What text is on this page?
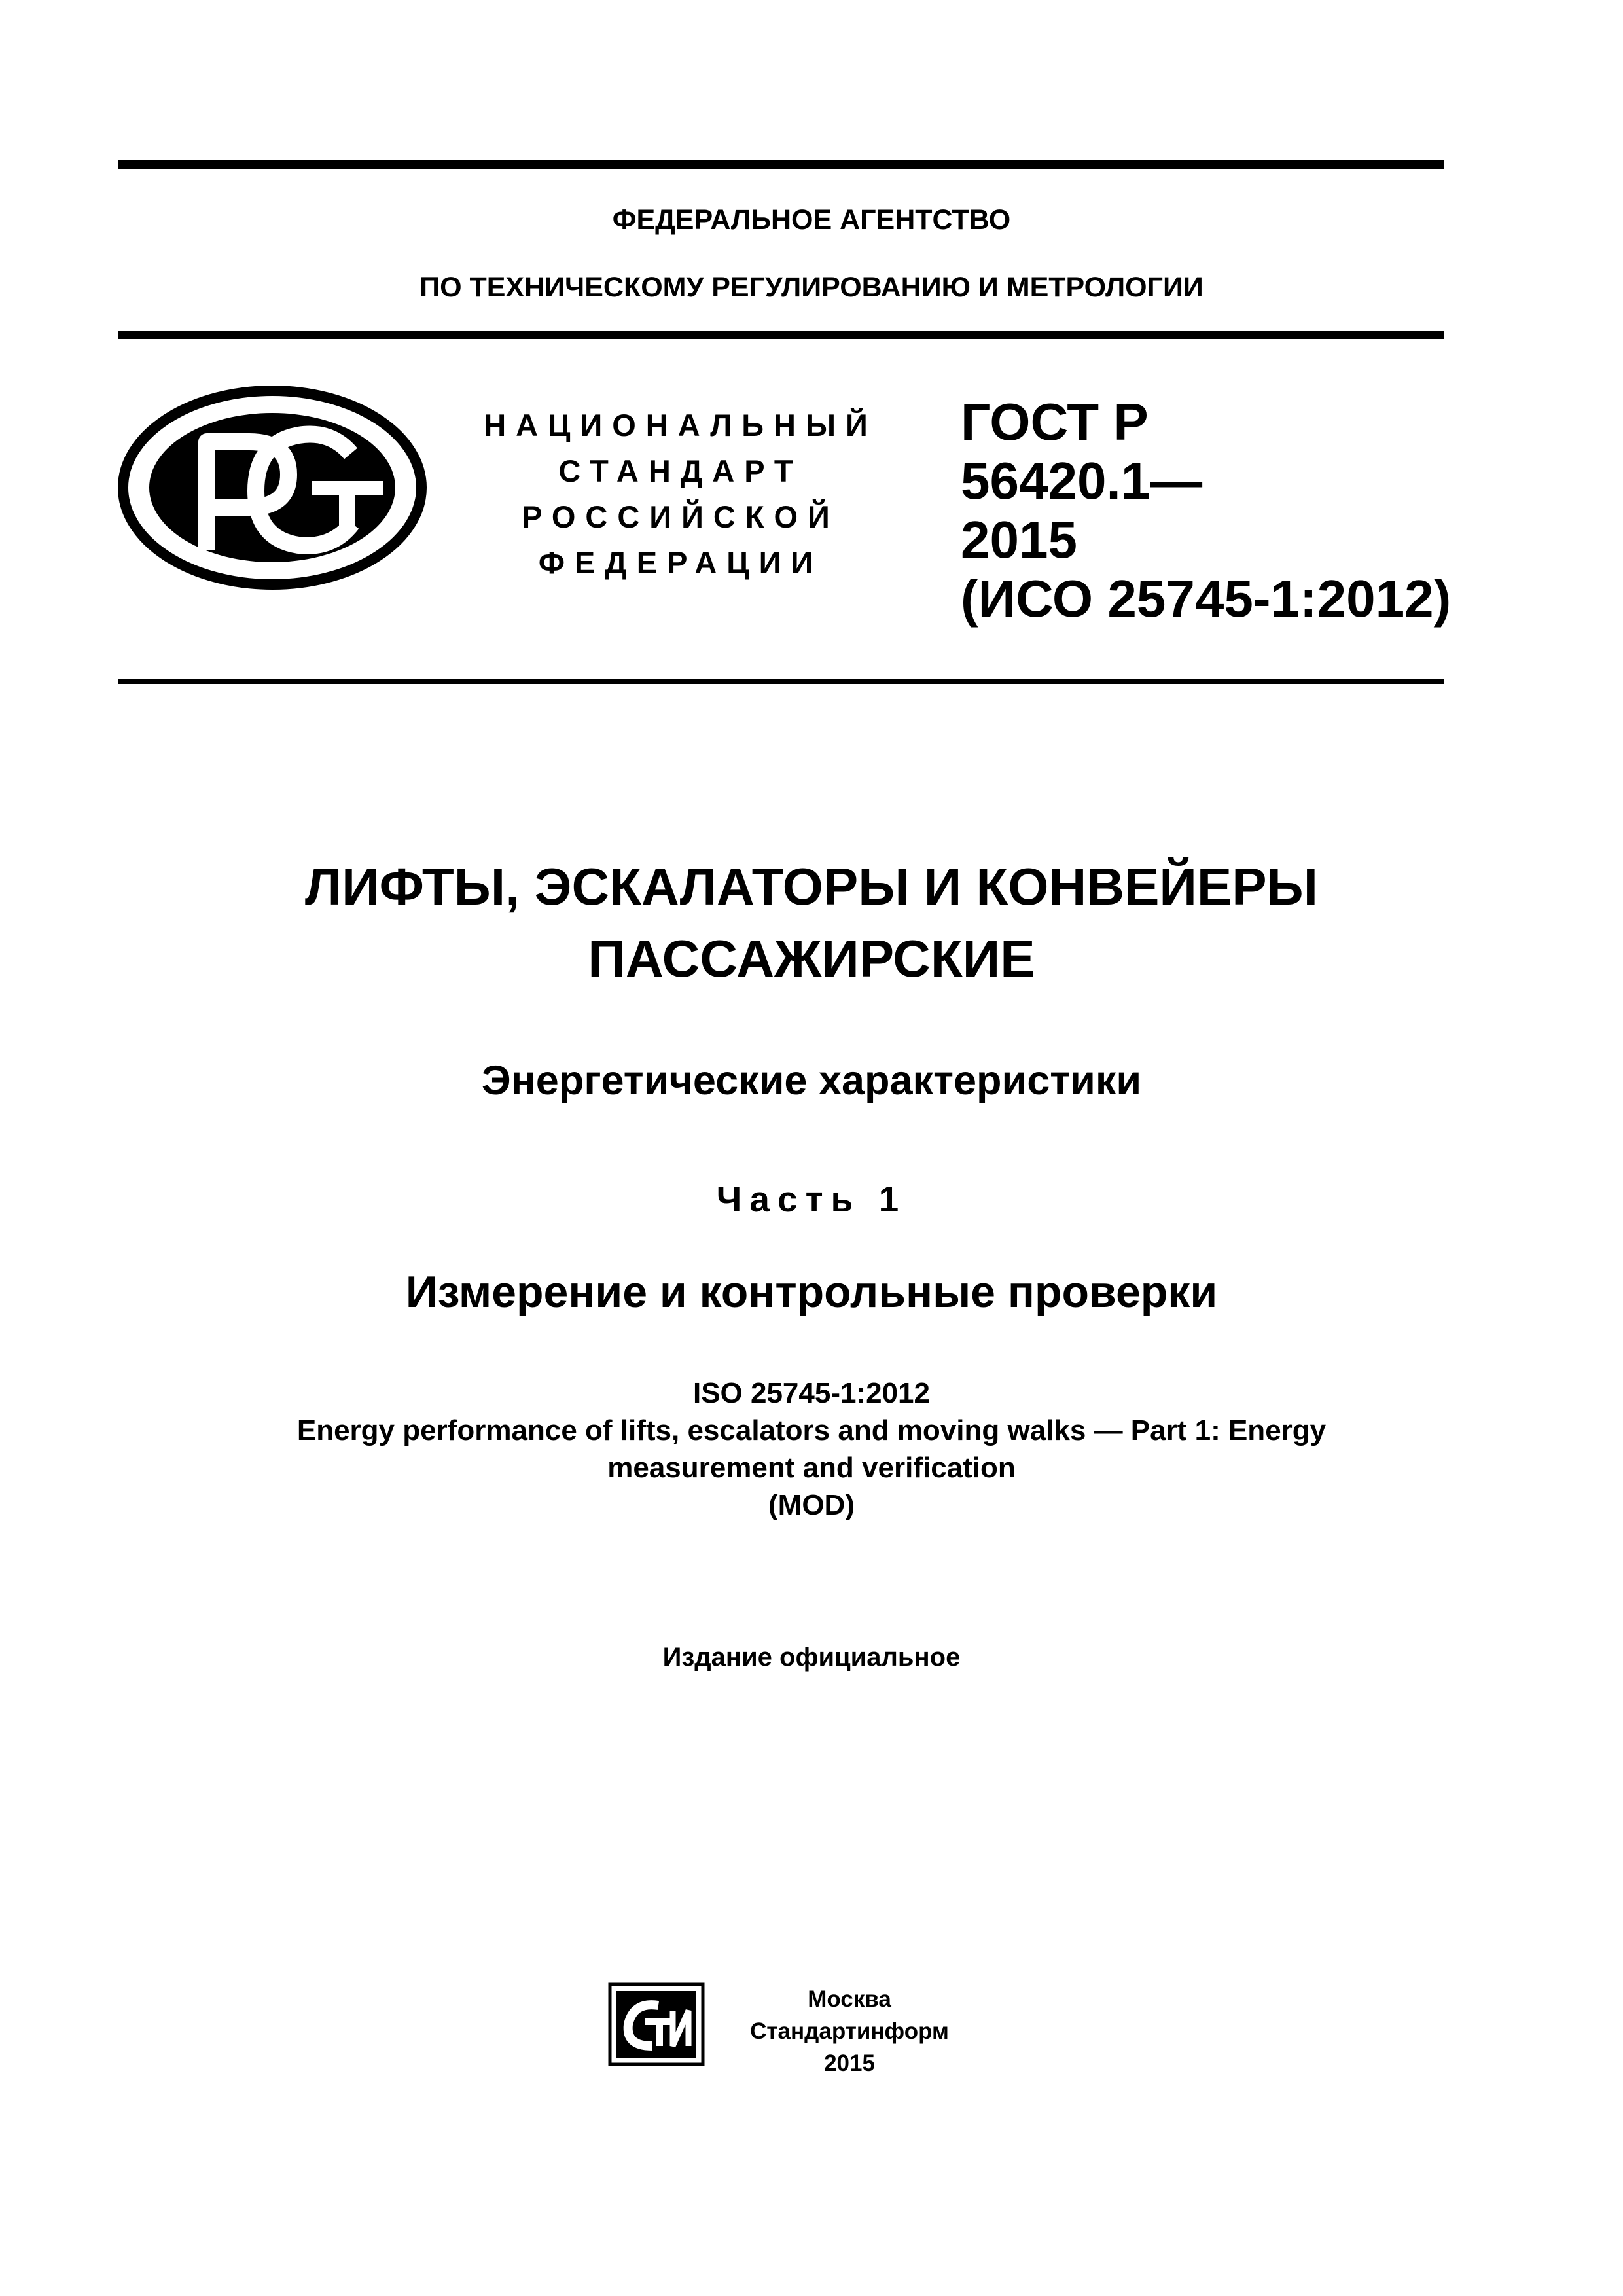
ФЕДЕРАЛЬНОЕ АГЕНТСТВО
ПО ТЕХНИЧЕСКОМУ РЕГУЛИРОВАНИЮ И МЕТРОЛОГИИ
НАЦИОНАЛЬНЫЙ
СТАНДАРТ
РОССИЙСКОЙ
ФЕДЕРАЦИИ
ГОСТ Р
56420.1—
2015
(ИСО 25745-1:2012)
ЛИФТЫ, ЭСКАЛАТОРЫ И КОНВЕЙЕРЫ
ПАССАЖИРСКИЕ
Энергетические характеристики
Часть 1
Измерение и контрольные проверки
ISO 25745-1:2012
Energy performance of lifts, escalators and moving walks — Part 1: Energy
measurement and verification
(MOD)
Издание официальное
Москва
Стандартинформ
2015
